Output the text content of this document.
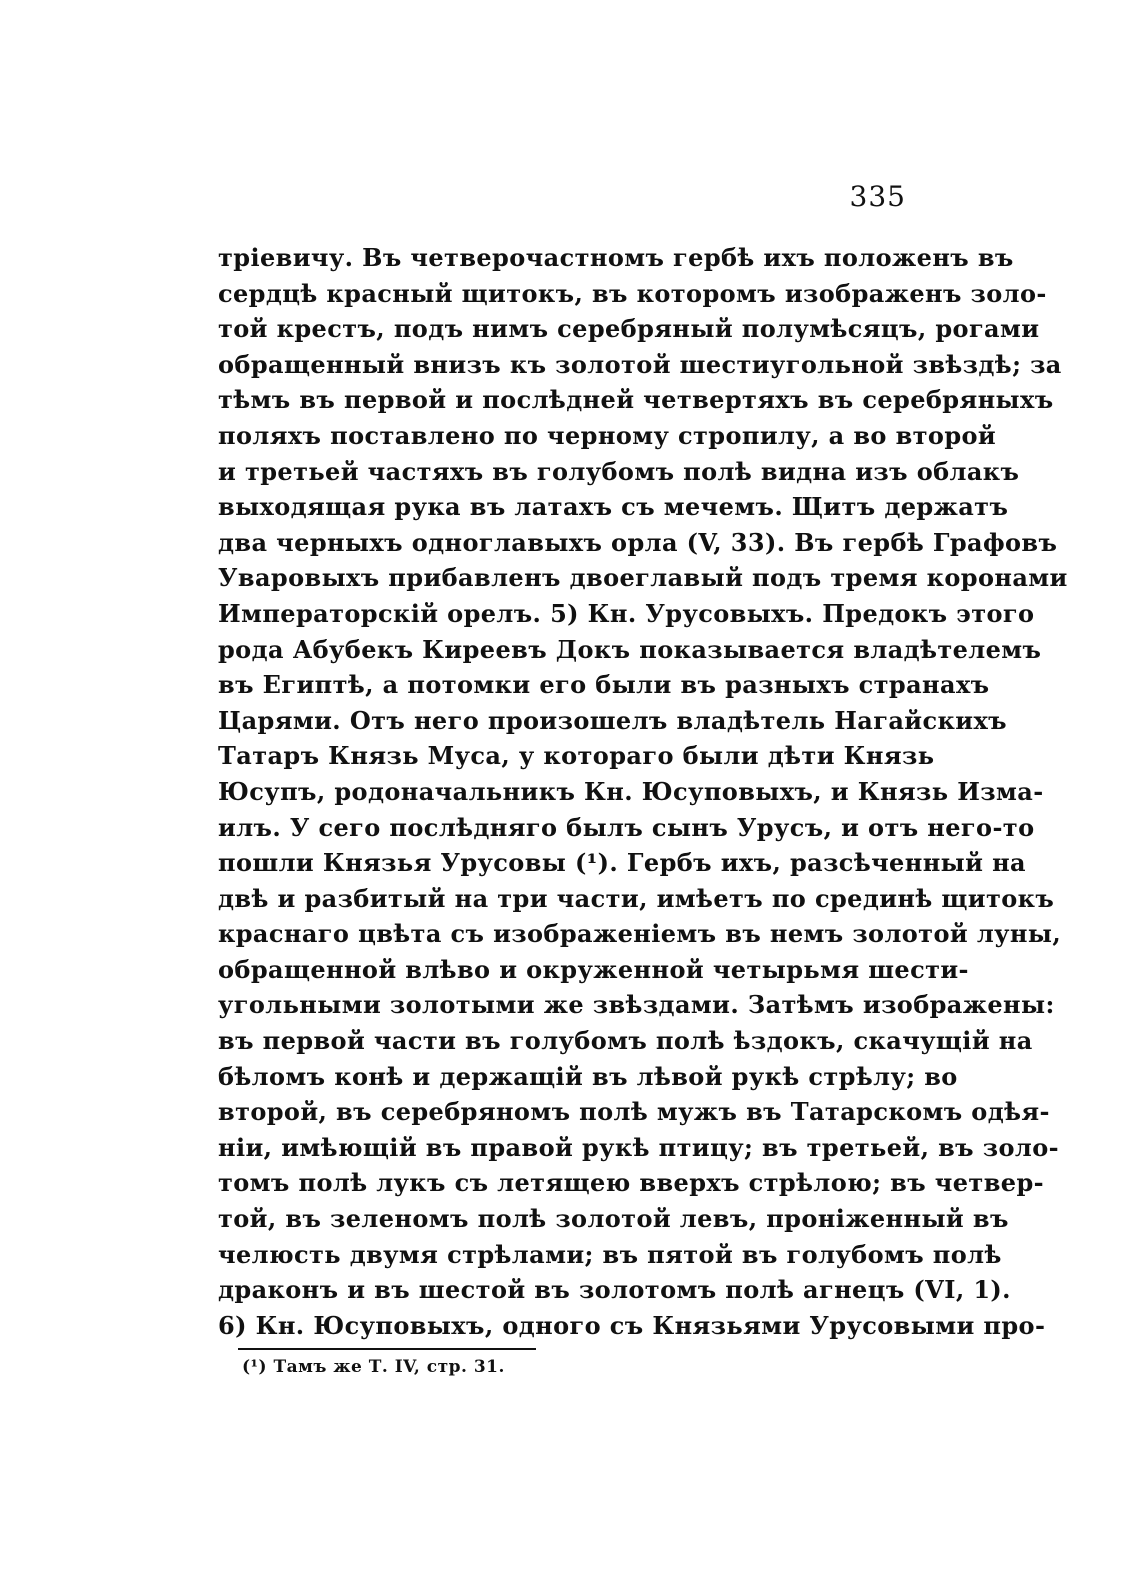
335
тріевичу. Въ четверочастномъ гербѣ ихъ положенъ въ
сердцѣ красный щитокъ, въ которомъ изображенъ золо-
той крестъ, подъ нимъ серебряный полумѣсяцъ, рогами
обращенный внизъ къ золотой шестиугольной звѣздѣ; за
тѣмъ въ первой и послѣдней четвертяхъ въ серебряныхъ
поляхъ поставлено по черному стропилу, а во второй
и третьей частяхъ въ голубомъ полѣ видна изъ облакъ
выходящая рука въ латахъ съ мечемъ. Щитъ держатъ
два черныхъ одноглавыхъ орла (V, 33). Въ гербѣ Графовъ
Уваровыхъ прибавленъ двоеглавый подъ тремя коронами
Императорскій орелъ. 5) Кн. Урусовыхъ. Предокъ этого
рода Абубекъ Киреевъ Докъ показывается владѣтелемъ
въ Египтѣ, а потомки его были въ разныхъ странахъ
Царями. Отъ него произошелъ владѣтель Нагайскихъ
Татаръ Князь Муса, у котораго были дѣти Князь
Юсупъ, родоначальникъ Кн. Юсуповыхъ, и Князь Изма-
илъ. У сего послѣдняго былъ сынъ Урусъ, и отъ него-то
пошли Князья Урусовы (¹). Гербъ ихъ, разсѣченный на
двѣ и разбитый на три части, имѣетъ по срединѣ щитокъ
краснаго цвѣта съ изображеніемъ въ немъ золотой луны,
обращенной влѣво и окруженной четырьмя шести-
угольными золотыми же звѣздами. Затѣмъ изображены:
въ первой части въ голубомъ полѣ ѣздокъ, скачущій на
бѣломъ конѣ и держащій въ лѣвой рукѣ стрѣлу; во
второй, въ серебряномъ полѣ мужъ въ Татарскомъ одѣя-
ніи, имѣющій въ правой рукѣ птицу; въ третьей, въ золо-
томъ полѣ лукъ съ летящею вверхъ стрѣлою; въ четвер-
той, въ зеленомъ полѣ золотой левъ, проніженный въ
челюсть двумя стрѣлами; въ пятой въ голубомъ полѣ
драконъ и въ шестой въ золотомъ полѣ агнецъ (VI, 1).
6) Кн. Юсуповыхъ, одного съ Князьями Урусовыми про-
(¹) Тамъ же Т. IV, стр. 31.
